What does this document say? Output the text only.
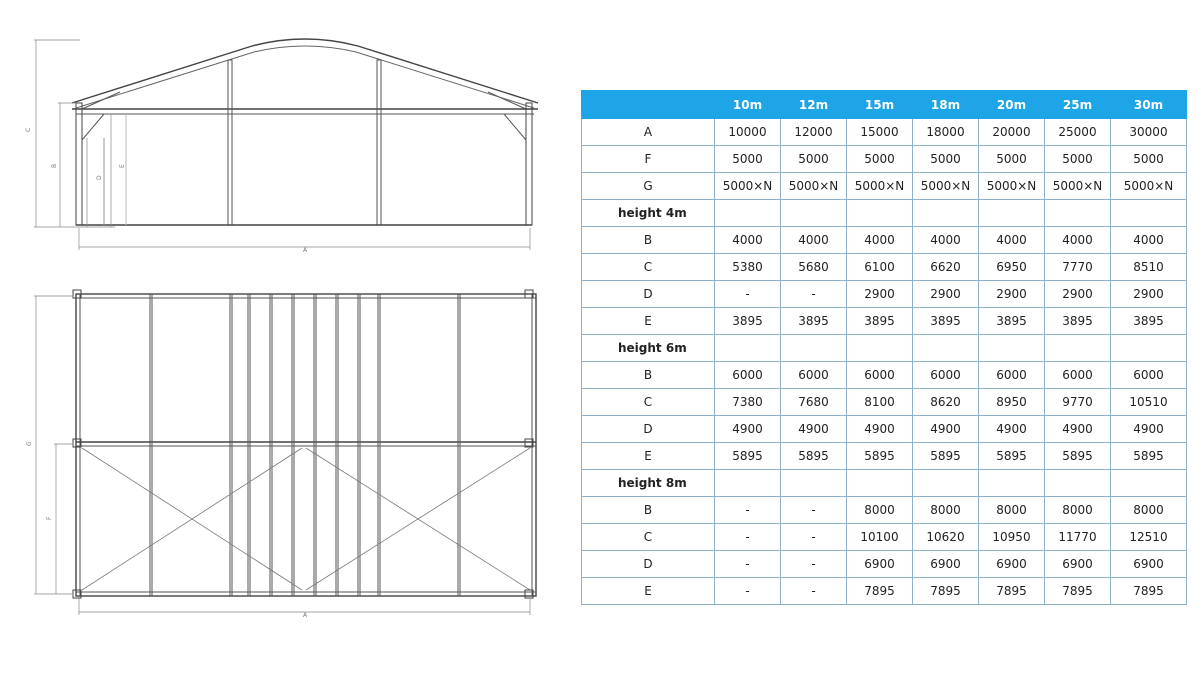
C
B
D
E
A
G
F
A
	10m	12m	15m	18m	20m	25m	30m
A	10000	12000	15000	18000	20000	25000	30000
F	5000	5000	5000	5000	5000	5000	5000
G	5000×N	5000×N	5000×N	5000×N	5000×N	5000×N	5000×N
height 4m							
B	4000	4000	4000	4000	4000	4000	4000
C	5380	5680	6100	6620	6950	7770	8510
D	-	-	2900	2900	2900	2900	2900
E	3895	3895	3895	3895	3895	3895	3895
height 6m							
B	6000	6000	6000	6000	6000	6000	6000
C	7380	7680	8100	8620	8950	9770	10510
D	4900	4900	4900	4900	4900	4900	4900
E	5895	5895	5895	5895	5895	5895	5895
height 8m							
B	-	-	8000	8000	8000	8000	8000
C	-	-	10100	10620	10950	11770	12510
D	-	-	6900	6900	6900	6900	6900
E	-	-	7895	7895	7895	7895	7895
